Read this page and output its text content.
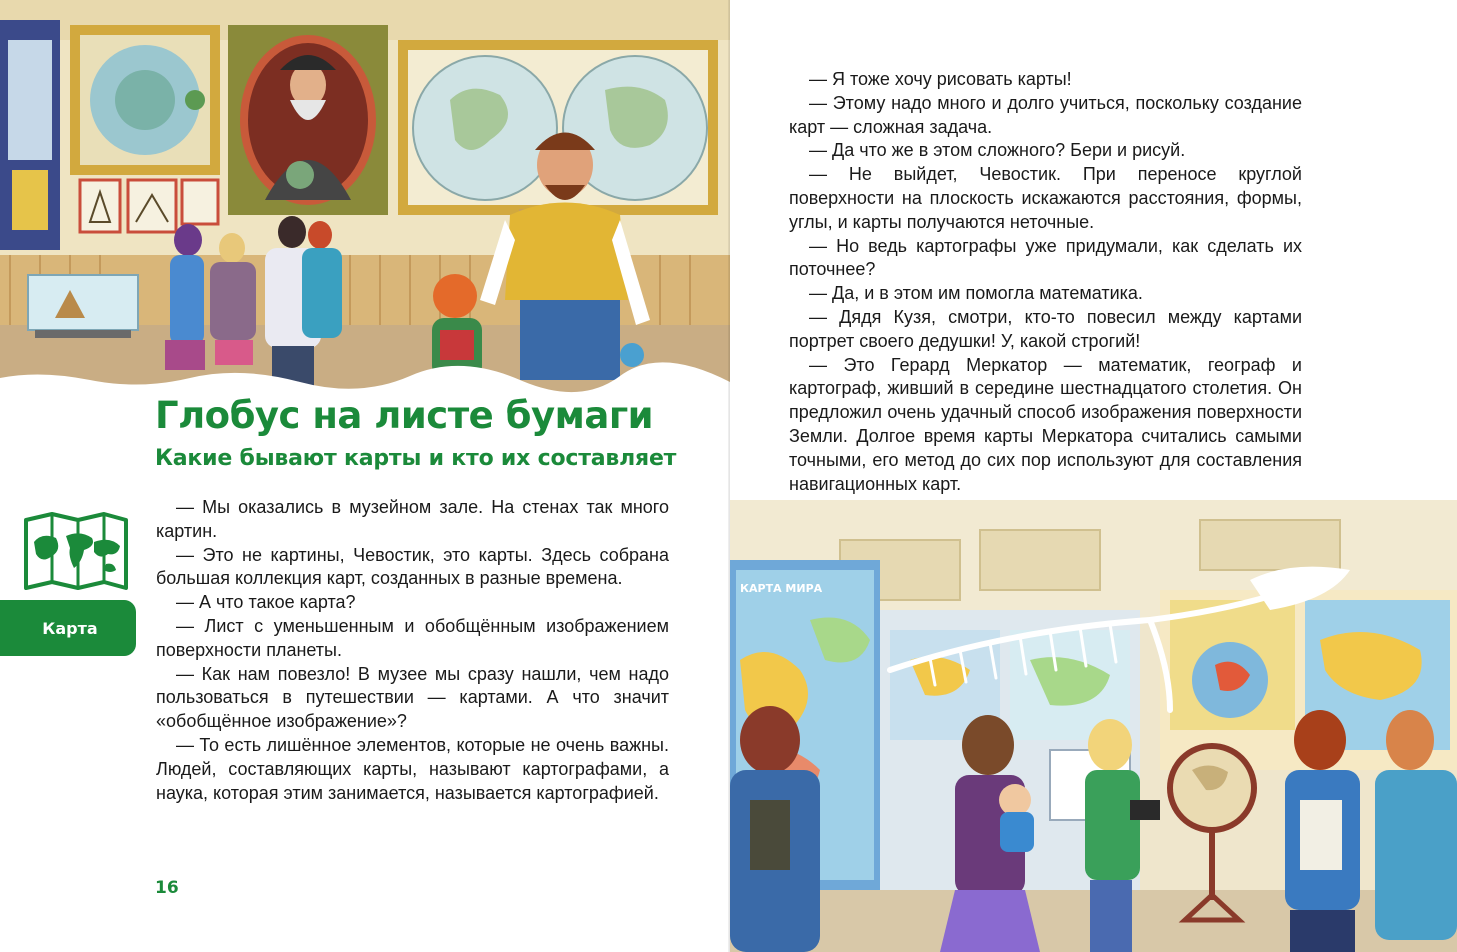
Глобус на листе бумаги
Какие бывают карты и кто их составляет
Карта

— Мы оказались в музейном зале. На стенах так много картин.

— Это не картины, Чевостик, это карты. Здесь собрана большая коллекция карт, созданных в разные времена.

— А что такое карта?

— Лист с уменьшенным и обобщённым изображением поверхности планеты.

— Как нам повезло! В музее мы сразу нашли, чем надо пользоваться в путешествии — картами. А что значит «обобщённое изображение»?

— То есть лишённое элементов, которые не очень важны. Людей, составляющих карты, называют картографами, а наука, которая этим занимается, называется картографией.

16

— Я тоже хочу рисовать карты!

— Этому надо много и долго учиться, поскольку создание карт — сложная задача.

— Да что же в этом сложного? Бери и рисуй.

— Не выйдет, Чевостик. При переносе круглой поверхности на плоскость искажаются расстояния, формы, углы, и карты получаются неточные.

— Но ведь картографы уже придумали, как сделать их поточнее?

— Да, и в этом им помогла математика.

— Дядя Кузя, смотри, кто-то повесил между картами портрет своего дедушки! У, какой строгий!

— Это Герард Меркатор — математик, географ и картограф, живший в середине шестнадцатого столетия. Он предложил очень удачный способ изображения поверхности Земли. Долгое время карты Меркатора считались самыми точными, его метод до сих пор используют для составления навигационных карт.

КАРТА МИРА
